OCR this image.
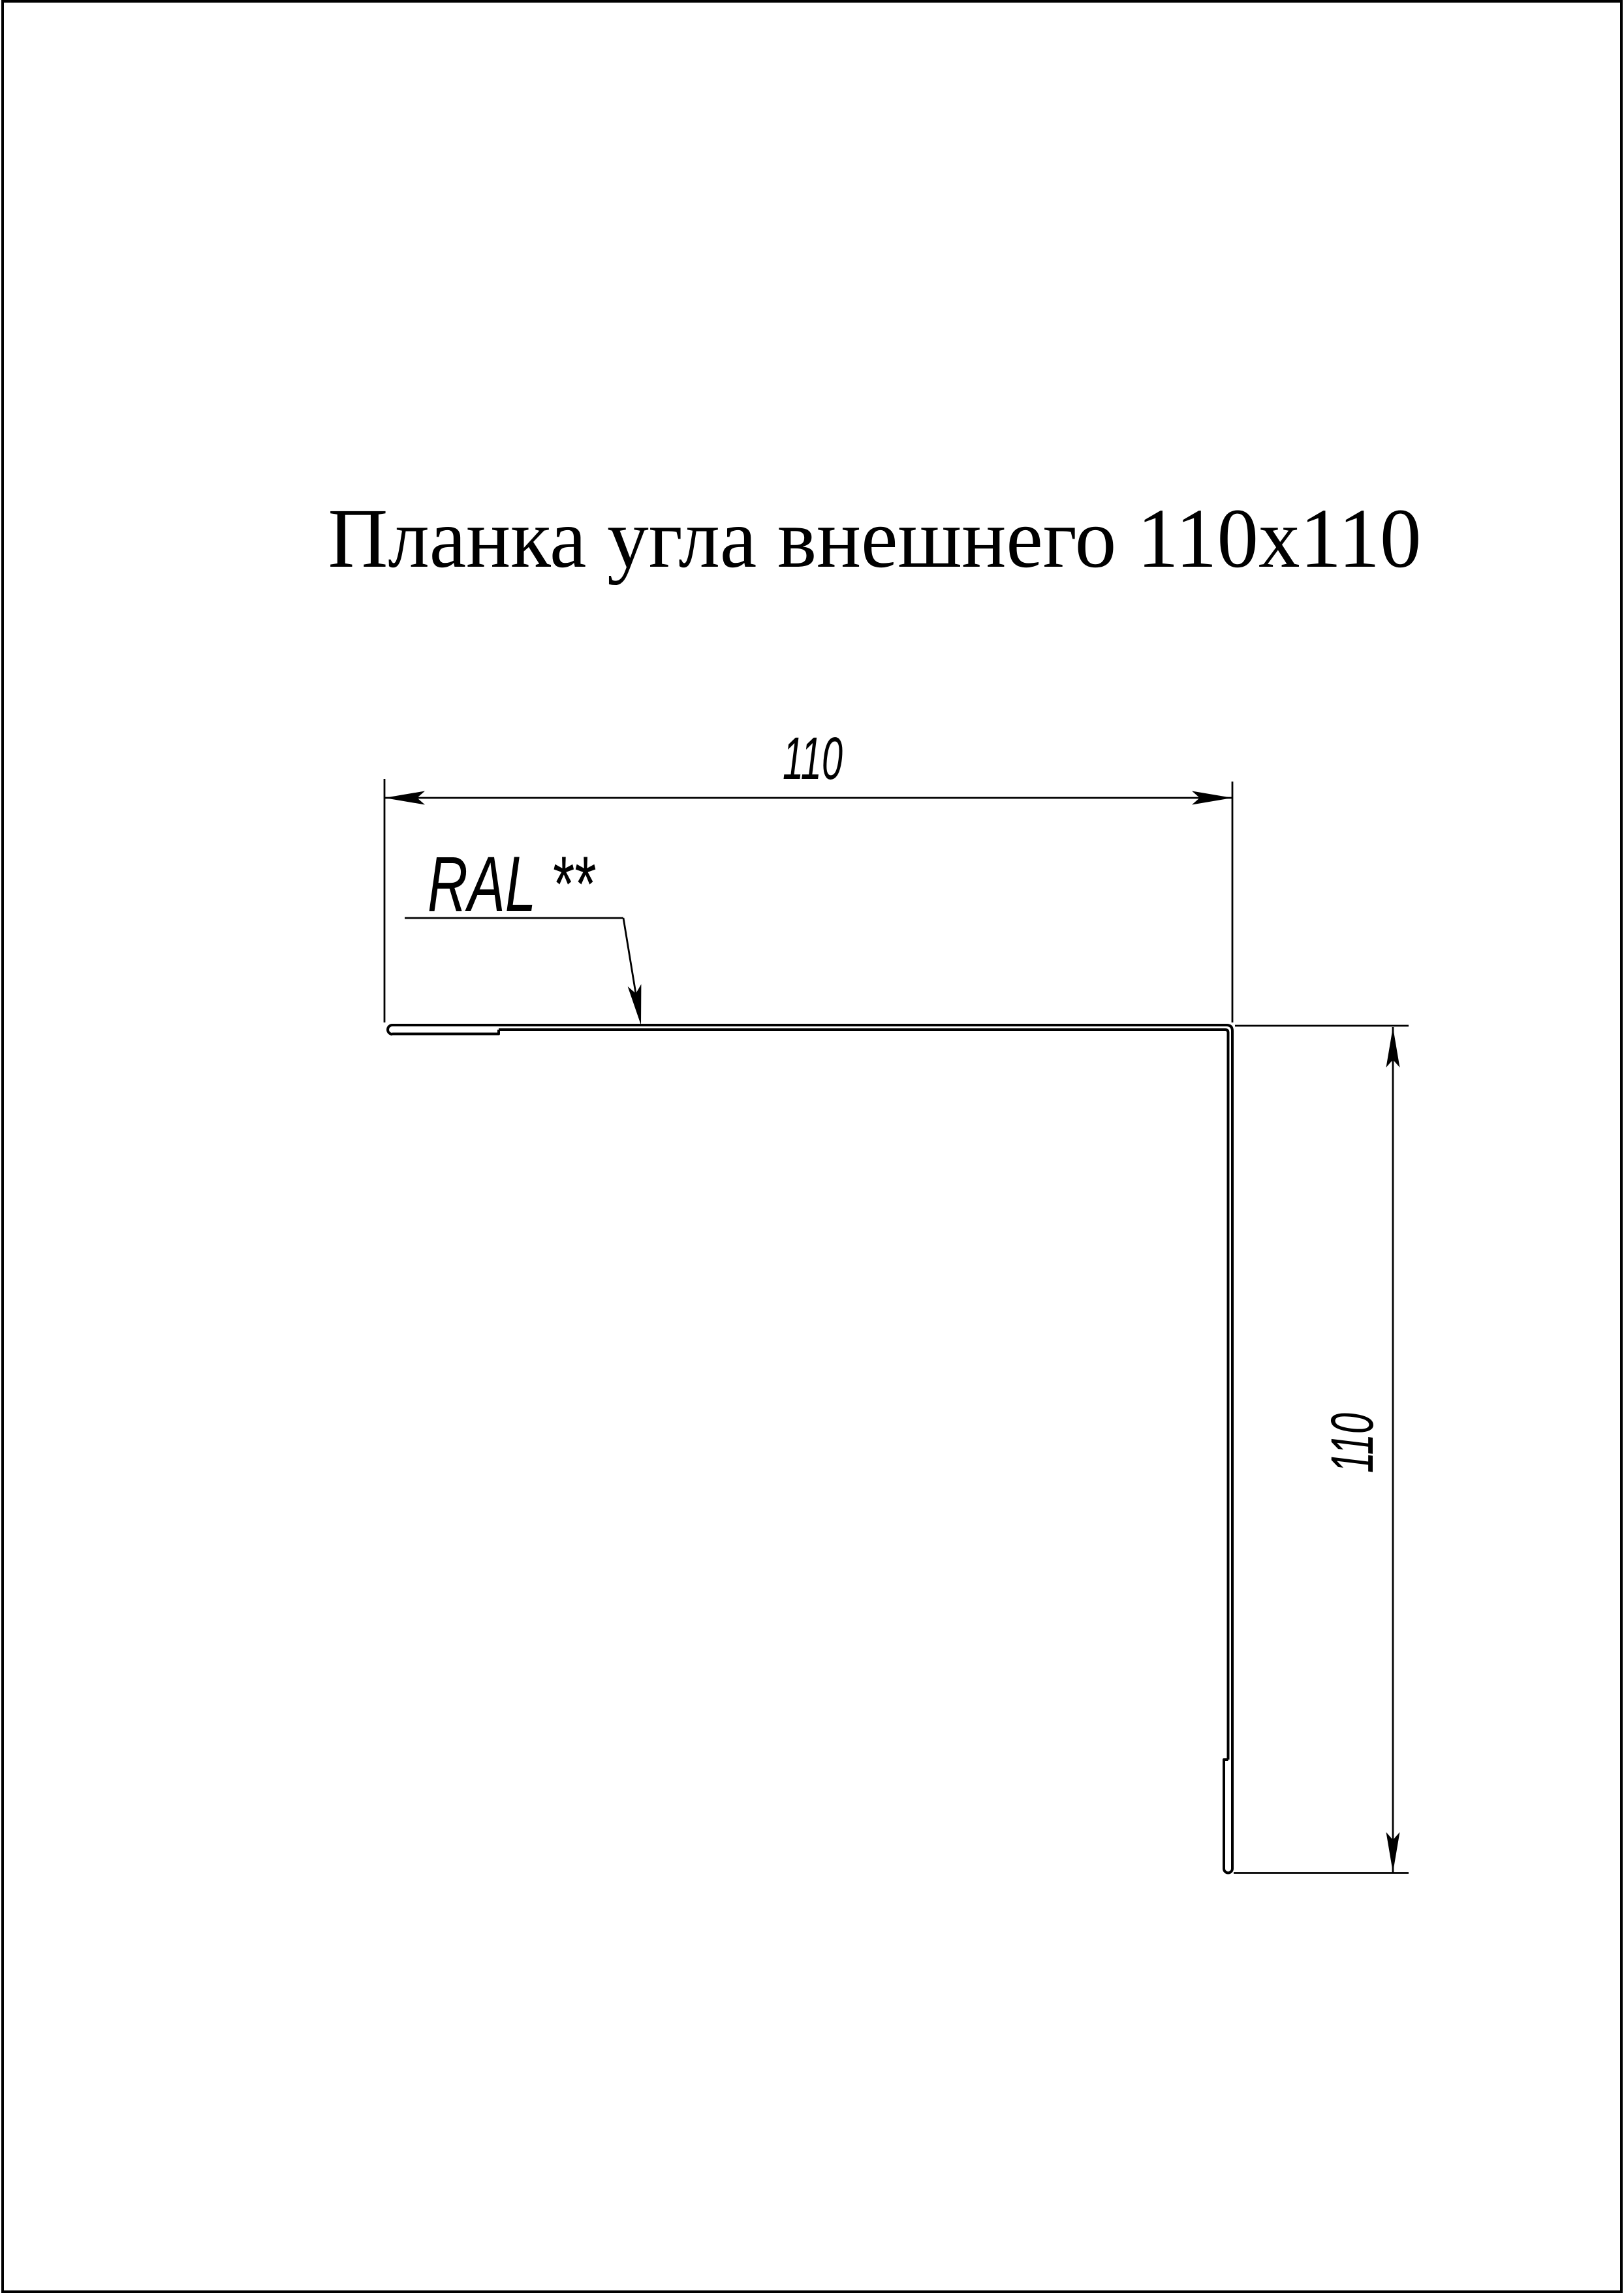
Планка угла внешнего 110х110
110
RAL **
110
